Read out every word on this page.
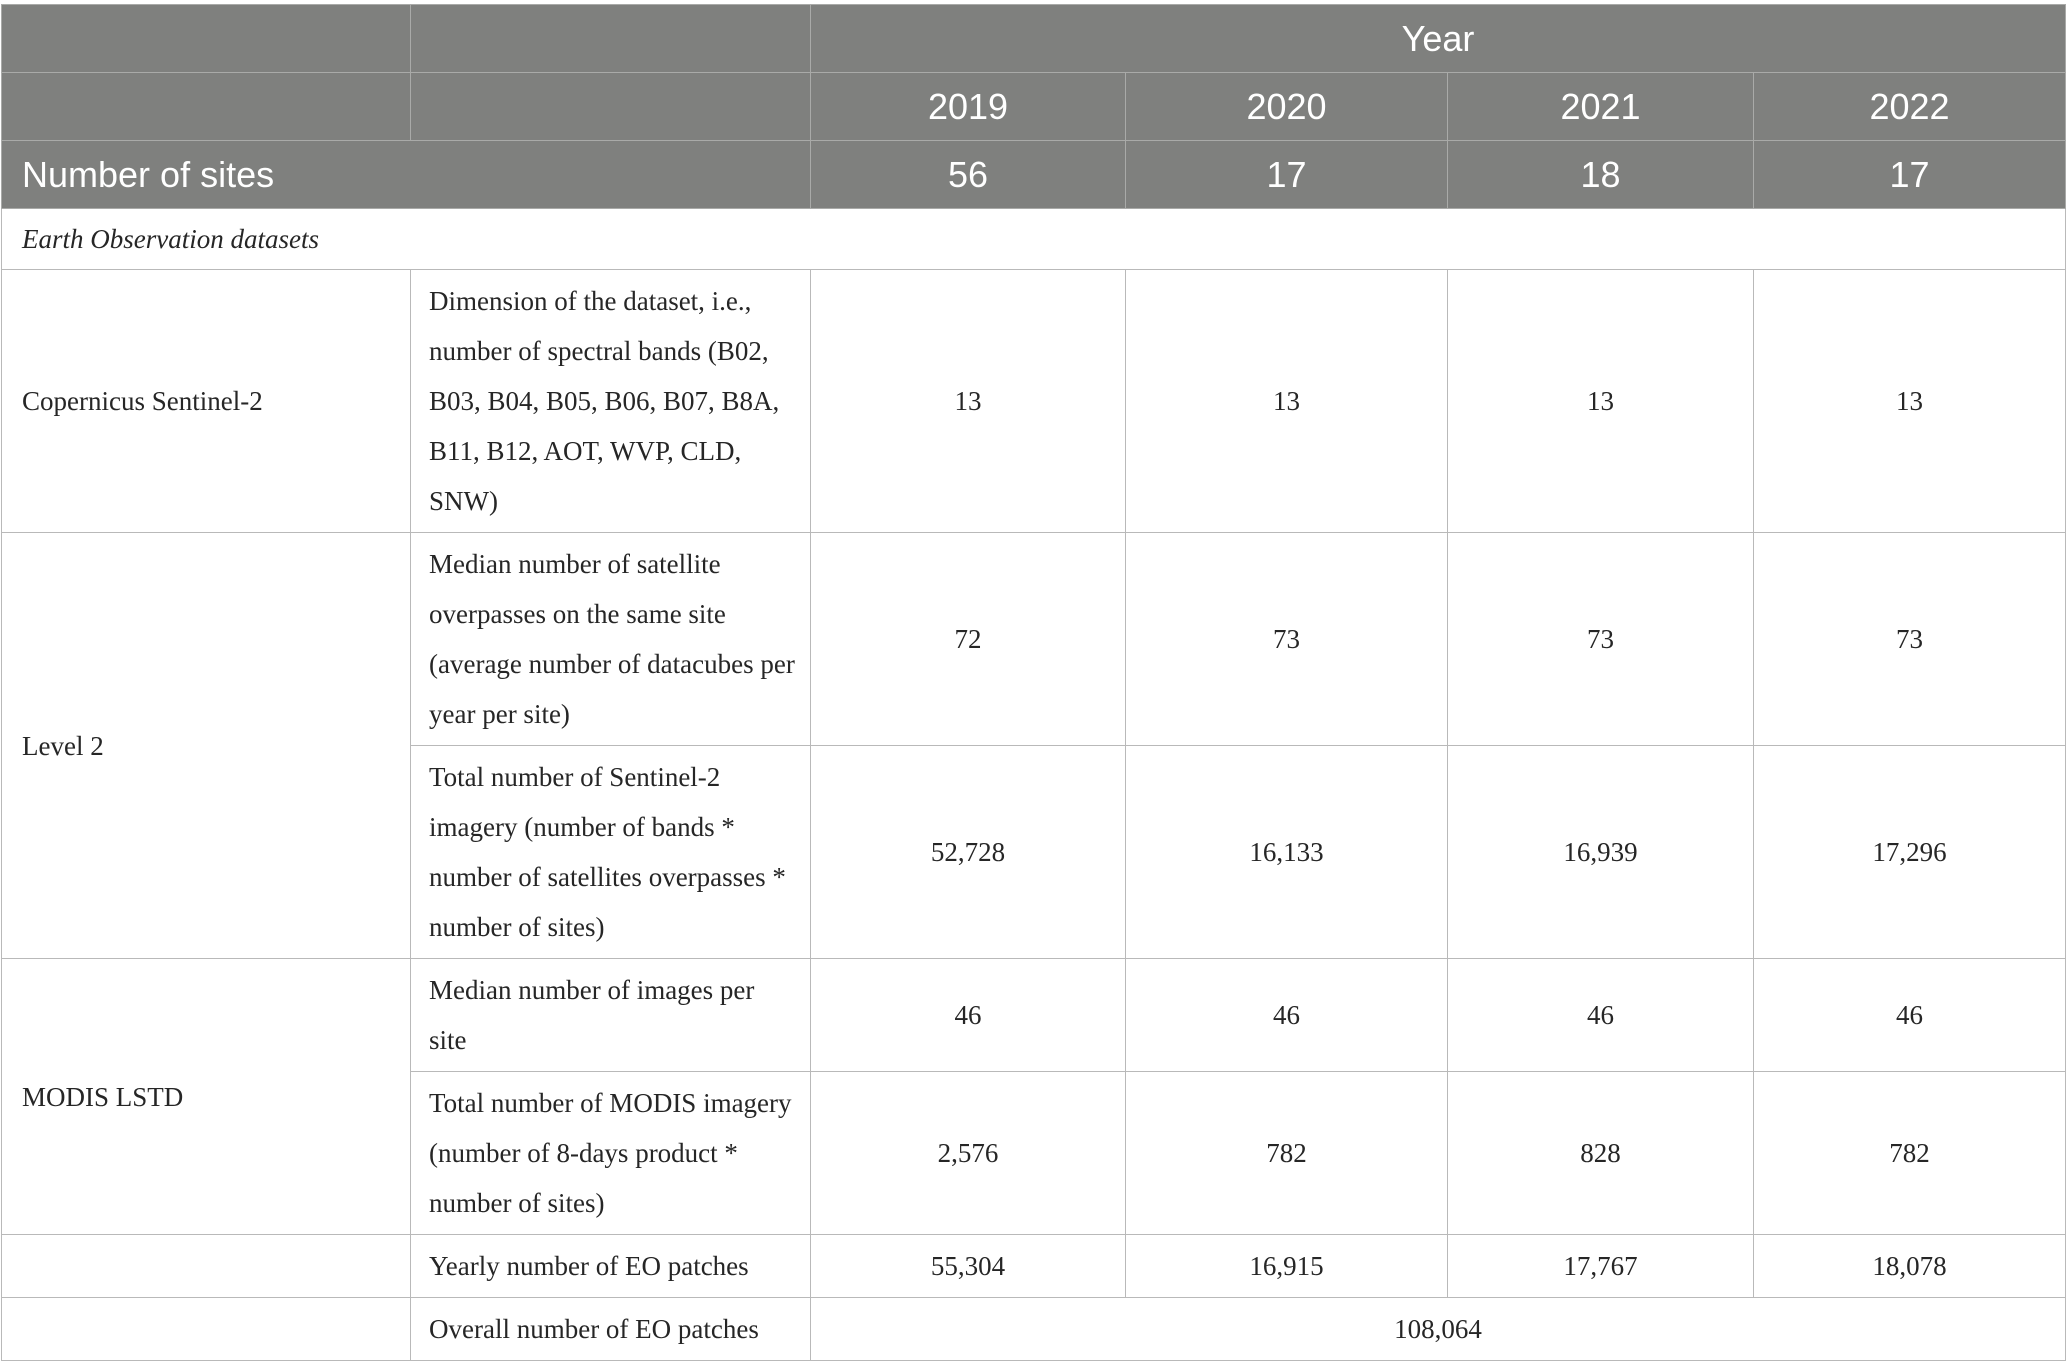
		Year			
		2019	2020	2021	2022
Number of sites		56	17	18	17
Earth Observation datasets					
Copernicus Sentinel-2	Dimension of the dataset, i.e., number of spectral bands (B02, B03, B04, B05, B06, B07, B8A, B11, B12, AOT, WVP, CLD, SNW)	13	13	13	13
Level 2	Median number of satellite overpasses on the same site (average number of datacubes per year per site)	72	73	73	73
	Total number of Sentinel-2 imagery (number of bands * number of satellites overpasses * number of sites)	52,728	16,133	16,939	17,296
MODIS LSTD	Median number of images per site	46	46	46	46
	Total number of MODIS imagery (number of 8-days product * number of sites)	2,576	782	828	782
	Yearly number of EO patches	55,304	16,915	17,767	18,078
	Overall number of EO patches	108,064			
